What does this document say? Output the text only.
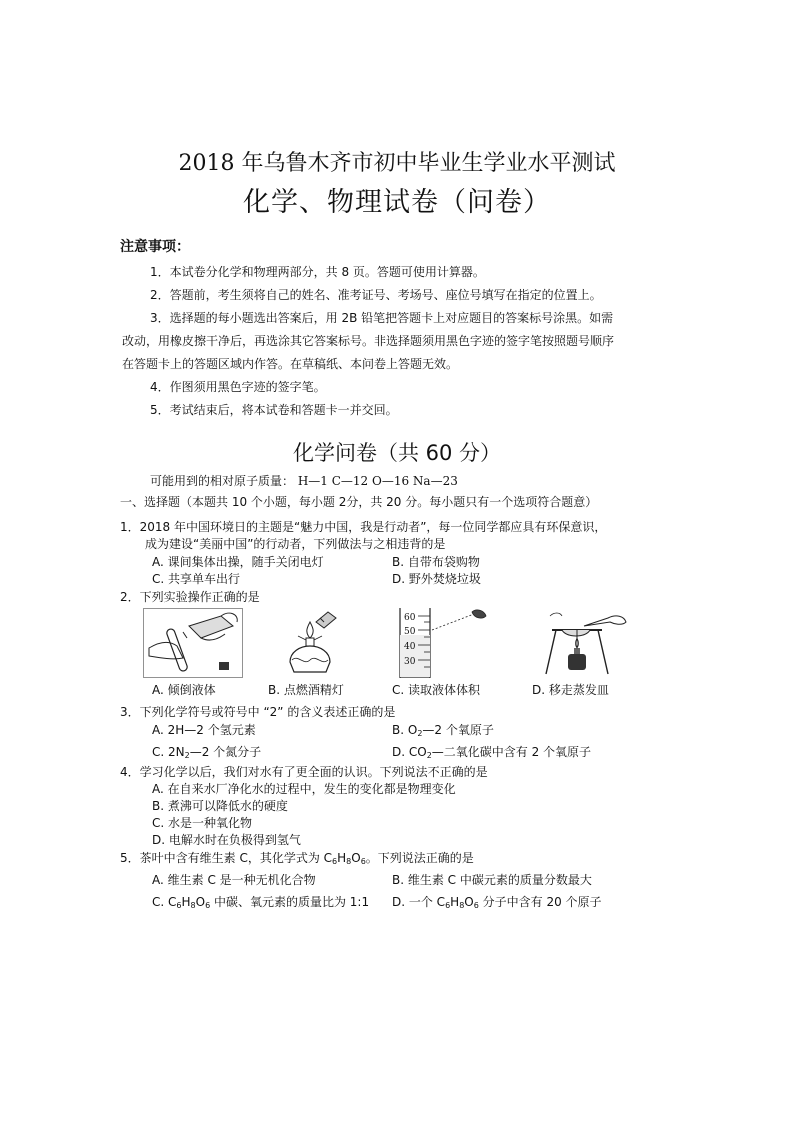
2018 年乌鲁木齐市初中毕业生学业水平测试
化学、物理试卷（问卷）
注意事项：
1．本试卷分化学和物理两部分，共 8 页。答题可使用计算器。
2．答题前，考生须将自己的姓名、准考证号、考场号、座位号填写在指定的位置上。
3．选择题的每小题选出答案后，用 2B 铅笔把答题卡上对应题目的答案标号涂黑。如需
改动，用橡皮擦干净后，再选涂其它答案标号。非选择题须用黑色字迹的签字笔按照题号顺序
在答题卡上的答题区域内作答。在草稿纸、本问卷上答题无效。
4．作图须用黑色字迹的签字笔。
5．考试结束后，将本试卷和答题卡一并交回。
化学问卷（共 60 分）
可能用到的相对原子质量： H—1 C—12 O—16 Na—23
一、选择题（本题共 10 个小题，每小题 2分，共 20 分。每小题只有一个选项符合题意）
1．2018 年中国环境日的主题是“魅力中国，我是行动者”，每一位同学都应具有环保意识，
成为建设“美丽中国”的行动者，下列做法与之相违背的是
A. 课间集体出操，随手关闭电灯	B. 自带布袋购物
C. 共享单车出行	D. 野外焚烧垃圾
2．下列实验操作正确的是
A. 倾倒液体	B. 点燃酒精灯
60
50
40
30
C. 读取液体体积	D. 移走蒸发皿
3．下列化学符号或符号中 “2” 的含义表述正确的是
A. 2H—2 个氢元素	B. $O_2—2$ 个氧原子
C. $2N_2—2$ 个氮分子	D. $CO_2—$二氧化碳中含有 2 个氧原子
4．学习化学以后，我们对水有了更全面的认识。下列说法不正确的是
A. 在自来水厂净化水的过程中，发生的变化都是物理变化
B. 煮沸可以降低水的硬度
C. 水是一种氧化物
D. 电解水时在负极得到氢气
5．茶叶中含有维生素 C，其化学式为 $C_6H_8O_6$。下列说法正确的是
A. 维生素 C 是一种无机化合物	B. 维生素 C 中碳元素的质量分数最大
C. $C_6H_8O_6$ 中碳、氧元素的质量比为 1:1 D. 一个 $C_6H_8O_6$ 分子中含有 20 个原子
